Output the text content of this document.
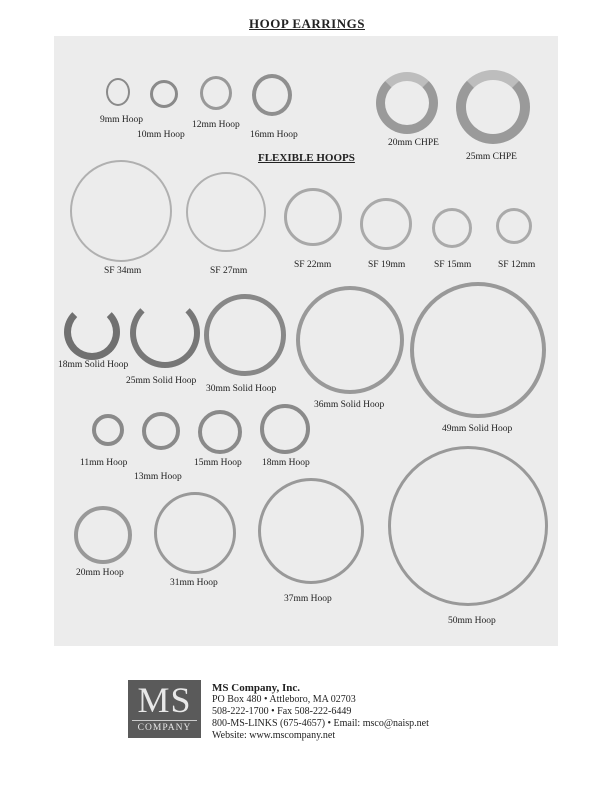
HOOP EARRINGS
9mm Hoop
10mm Hoop
12mm Hoop
16mm Hoop
20mm CHPE
25mm CHPE
FLEXIBLE HOOPS
SF 34mm	SF 27mm
SF 22mm	SF 19mm	SF 15mm	SF 12mm
18mm Solid Hoop
25mm Solid Hoop
30mm Solid Hoop
36mm Solid Hoop
49mm Solid Hoop
11mm Hoop
13mm Hoop
15mm Hoop 18mm Hoop
20mm Hoop
31mm Hoop
37mm Hoop
50mm Hoop
MS
COMPANY
MS Company, Inc.
PO Box 480 • Attleboro, MA 02703
508-222-1700 • Fax 508-222-6449
800-MS-LINKS (675-4657) • Email: msco@naisp.net
Website: www.mscompany.net
